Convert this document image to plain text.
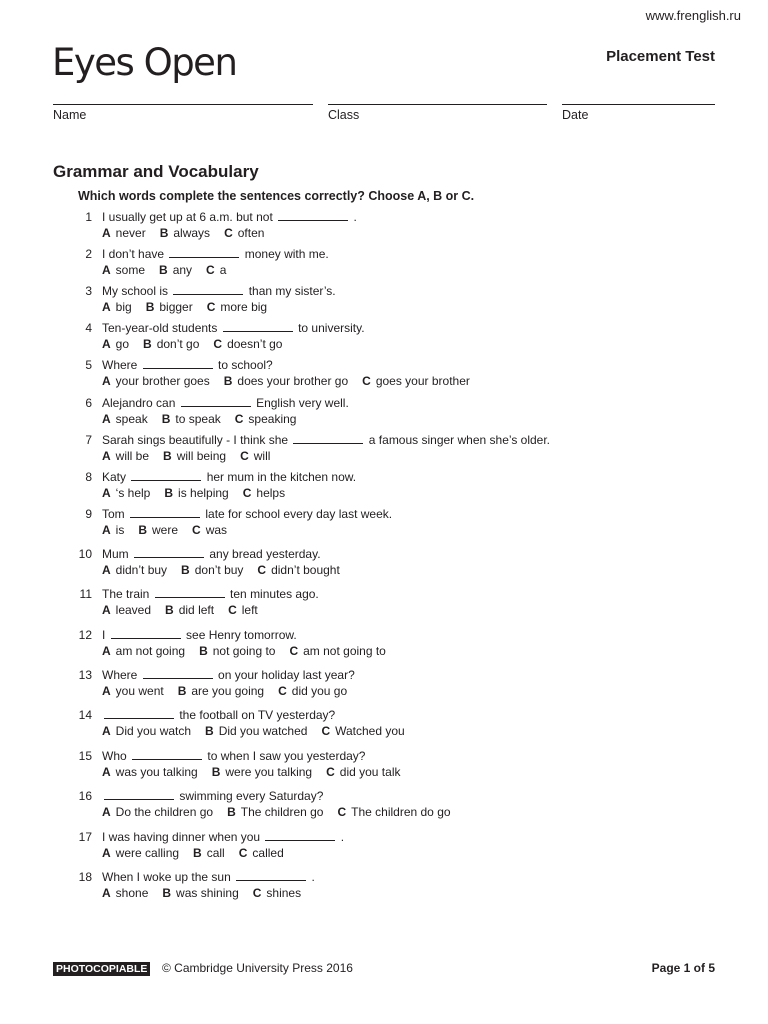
www.frenglish.ru
Eyes Open	Placement Test
Name	Class	Date
Grammar and Vocabulary
Which words complete the sentences correctly? Choose A, B or C.
1 I usually get up at 6 a.m. but not	.
A never B always C often
2 I don’t have	money with me.
A some B any C a
3 My school is	than my sister’s.
A big B bigger C more big
4 Ten-year-old students	to university.
A go B don’t go C doesn’t go
5 Where	to school?
A your brother goes B does your brother go C goes your brother
6 Alejandro can	English very well.
A speak B to speak C speaking
7 Sarah sings beautifully - I think she	a famous singer when she’s older.
A will be B will being C will
8 Katy	her mum in the kitchen now.
A ‘s help B is helping C helps
9 Tom	late for school every day last week.
A is B were C was
10 Mum	any bread yesterday.
A didn’t buy B don’t buy C didn’t bought
11 The train	ten minutes ago.
A leaved B did left C left
12 I	see Henry tomorrow.
A am not going B not going to C am not going to
13 Where	on your holiday last year?
A you went B are you going C did you go
14	the football on TV yesterday?
A Did you watch B Did you watched C Watched you
15 Who	to when I saw you yesterday?
A was you talking B were you talking C did you talk
16	swimming every Saturday?
A Do the children go B The children go C The children do go
17 I was having dinner when you	.
A were calling B call C called
18 When I woke up the sun	.
A shone B was shining C shines
PHOTOCOPIABLE © Cambridge University Press 2016	Page 1 of 5
